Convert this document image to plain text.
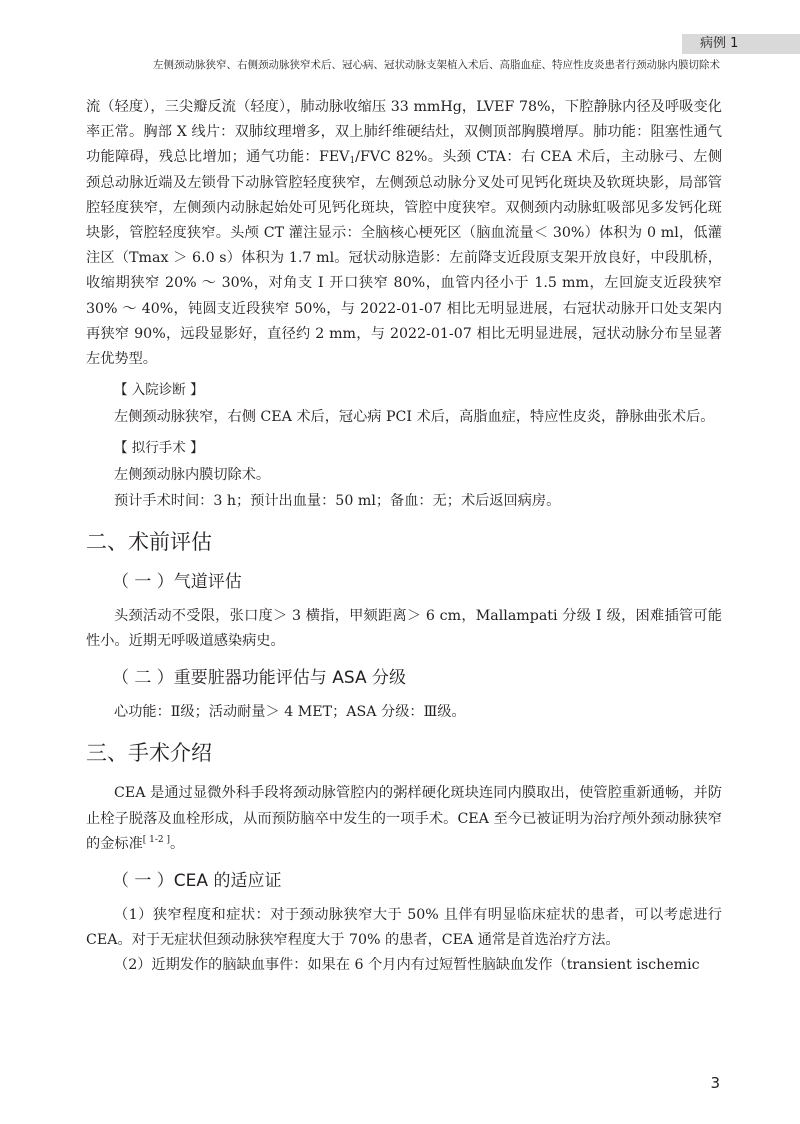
病例 1
左侧颈动脉狭窄、右侧颈动脉狭窄术后、冠心病、冠状动脉支架植入术后、高脂血症、特应性皮炎患者行颈动脉内膜切除术

流（轻度），三尖瓣反流（轻度），肺动脉收缩压 33 mmHg，LVEF 78%，下腔静脉内径及呼吸变化率正常。胸部 X 线片：双肺纹理增多，双上肺纤维硬结灶，双侧顶部胸膜增厚。肺功能：阻塞性通气功能障碍，残总比增加；通气功能：$FEV_1$/FVC 82%。头颈 CTA：右 CEA 术后，主动脉弓、左侧颈总动脉近端及左锁骨下动脉管腔轻度狭窄，左侧颈总动脉分叉处可见钙化斑块及软斑块影，局部管腔轻度狭窄，左侧颈内动脉起始处可见钙化斑块，管腔中度狭窄。双侧颈内动脉虹吸部见多发钙化斑块影，管腔轻度狭窄。头颅 CT 灌注显示：全脑核心梗死区（脑血流量＜ 30%）体积为 0 ml，低灌注区（Tmax ＞ 6.0 s）体积为 1.7 ml。冠状动脉造影：左前降支近段原支架开放良好，中段肌桥，收缩期狭窄 20% ～ 30%，对角支 Ⅰ 开口狭窄 80%，血管内径小于 1.5 mm，左回旋支近段狭窄 30% ～ 40%，钝圆支近段狭窄 50%，与 2022-01-07 相比无明显进展，右冠状动脉开口处支架内再狭窄 90%，远段显影好，直径约 2 mm，与 2022-01-07 相比无明显进展，冠状动脉分布呈显著左优势型。

【 入院诊断 】

左侧颈动脉狭窄，右侧 CEA 术后，冠心病 PCI 术后，高脂血症，特应性皮炎，静脉曲张术后。

【 拟行手术 】

左侧颈动脉内膜切除术。

预计手术时间：3 h；预计出血量：50 ml；备血：无；术后返回病房。

二、术前评估
（ 一 ）气道评估

头颈活动不受限，张口度＞ 3 横指，甲颏距离＞ 6 cm，Mallampati 分级 Ⅰ 级，困难插管可能性小。近期无呼吸道感染病史。

（ 二 ）重要脏器功能评估与 ASA 分级

心功能：Ⅱ级；活动耐量＞ 4 MET；ASA 分级：Ⅲ级。

三、手术介绍

CEA 是通过显微外科手段将颈动脉管腔内的粥样硬化斑块连同内膜取出，使管腔重新通畅，并防止栓子脱落及血栓形成，从而预防脑卒中发生的一项手术。CEA 至今已被证明为治疗颅外颈动脉狭窄的金标准[ 1-2 ]。

（ 一 ）CEA 的适应证

（1）狭窄程度和症状：对于颈动脉狭窄大于 50% 且伴有明显临床症状的患者，可以考虑进行 CEA。对于无症状但颈动脉狭窄程度大于 70% 的患者，CEA 通常是首选治疗方法。

（2）近期发作的脑缺血事件：如果在 6 个月内有过短暂性脑缺血发作（transient ischemic

3
